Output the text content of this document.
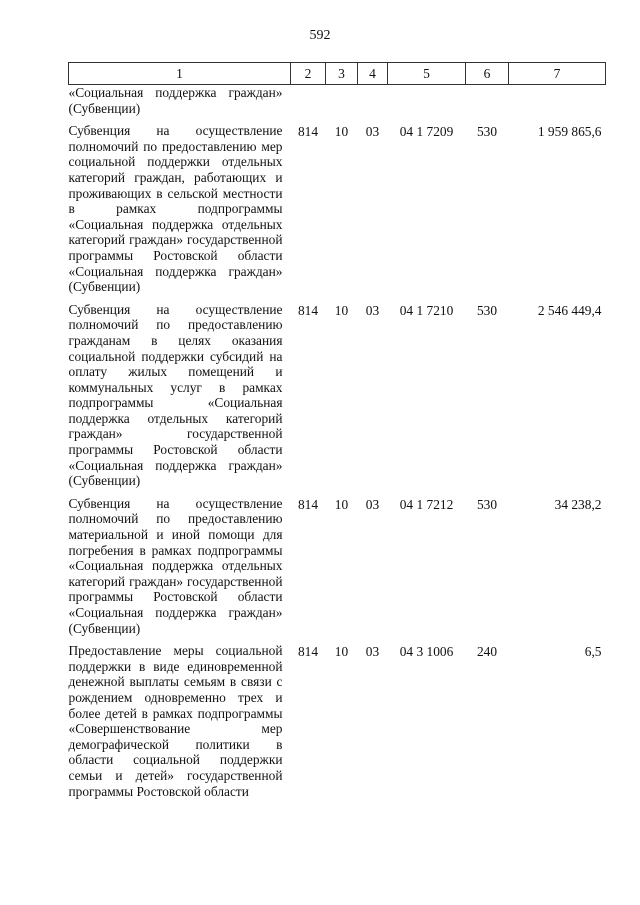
592
1	2	3	4	5	6	7
«Социальная поддержка граждан» (Субвенции)						
Субвенция на осуществление полномочий по предоставлению мер социальной поддержки отдельных категорий граждан, работающих и проживающих в сельской местности в рамках подпрограммы «Социальная поддержка отдельных категорий граждан» государственной программы Ростовской области «Социальная поддержка граждан» (Субвенции)	814	10	03	04 1 7209	530	1 959 865,6
Субвенция на осуществление полномочий по предоставлению гражданам в целях оказания социальной поддержки субсидий на оплату жилых помещений и коммунальных услуг в рамках подпрограммы «Социальная поддержка отдельных категорий граждан» государственной программы Ростовской области «Социальная поддержка граждан» (Субвенции)	814	10	03	04 1 7210	530	2 546 449,4
Субвенция на осуществление полномочий по предоставлению материальной и иной помощи для погребения в рамках подпрограммы «Социальная поддержка отдельных категорий граждан» государственной программы Ростовской области «Социальная поддержка граждан» (Субвенции)	814	10	03	04 1 7212	530	34 238,2
Предоставление меры социальной поддержки в виде единовременной денежной выплаты семьям в связи с рождением одновременно трех и более детей в рамках подпрограммы «Совершенствование мер демографической политики в области социальной поддержки семьи и детей» государственной программы Ростовской области	814	10	03	04 3 1006	240	6,5
